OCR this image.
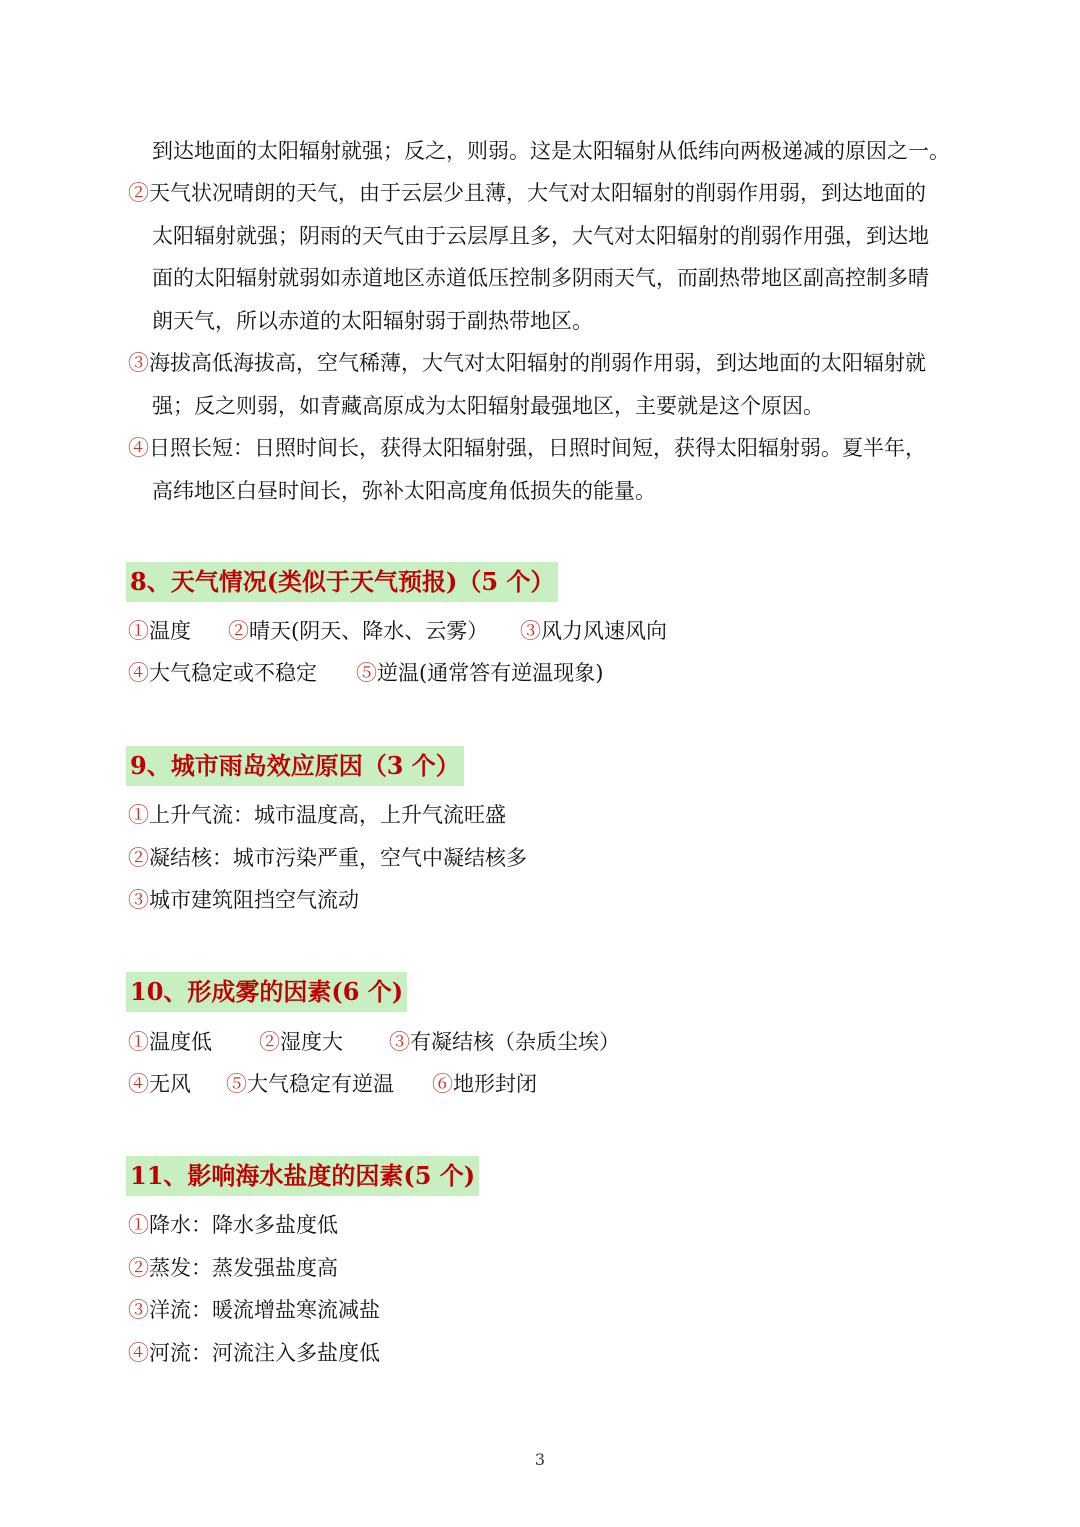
到达地面的太阳辐射就强；反之，则弱。这是太阳辐射从低纬向两极递减的原因之一。
②天气状况晴朗的天气，由于云层少且薄，大气对太阳辐射的削弱作用弱，到达地面的
太阳辐射就强；阴雨的天气由于云层厚且多，大气对太阳辐射的削弱作用强，到达地
面的太阳辐射就弱如赤道地区赤道低压控制多阴雨天气，而副热带地区副高控制多晴
朗天气，所以赤道的太阳辐射弱于副热带地区。
③海拔高低海拔高，空气稀薄，大气对太阳辐射的削弱作用弱，到达地面的太阳辐射就
强；反之则弱，如青藏高原成为太阳辐射最强地区，主要就是这个原因。
④日照长短：日照时间长，获得太阳辐射强，日照时间短，获得太阳辐射弱。夏半年，
高纬地区白昼时间长，弥补太阳高度角低损失的能量。
8、天气情况(类似于天气预报)（5 个）
①温度 ②晴天(阴天、降水、云雾） ③风力风速风向
④大气稳定或不稳定 ⑤逆温(通常答有逆温现象)
9、城市雨岛效应原因（3 个）
①上升气流：城市温度高，上升气流旺盛
②凝结核：城市污染严重，空气中凝结核多
③城市建筑阻挡空气流动
10、形成雾的因素(6 个)
①温度低 ②湿度大 ③有凝结核（杂质尘埃）
④无风 ⑤大气稳定有逆温 ⑥地形封闭
11、影响海水盐度的因素(5 个)
①降水：降水多盐度低
②蒸发：蒸发强盐度高
③洋流：暖流增盐寒流减盐
④河流：河流注入多盐度低
3
